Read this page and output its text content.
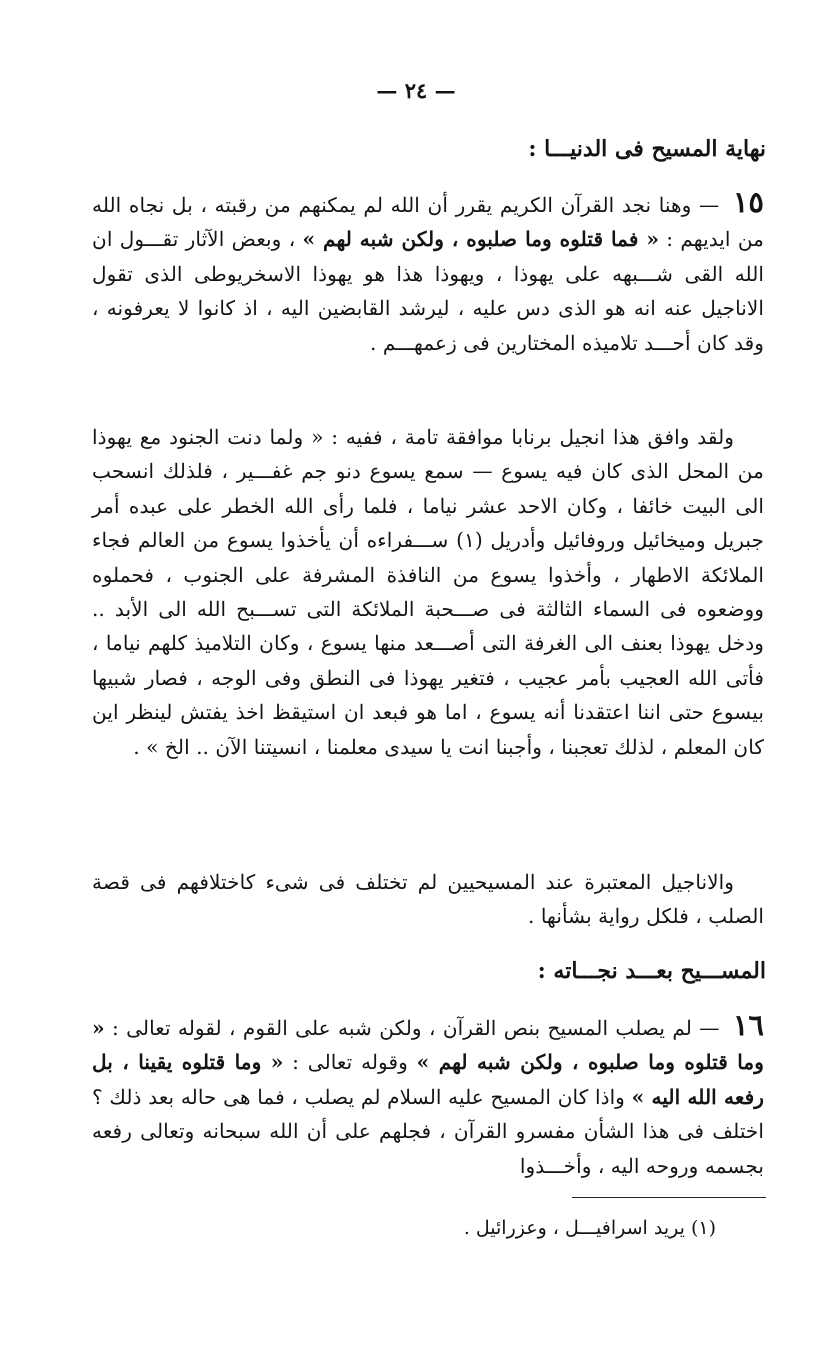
— ٢٤ —
نهاية المسيح فى الدنيـــا :

١٥ — وهنا نجد القرآن الكريم يقرر أن الله لم يمكنهم من رقبته ، بل نجاه الله من ايديهم : « فما قتلوه وما صلبوه ، ولكن شبه لهم » ، وبعض الآثار تقـــول ان الله القى شـــبهه على يهوذا ، ويهوذا هذا هو يهوذا الاسخريوطى الذى تقول الاناجيل عنه انه هو الذى دس عليه ، ليرشد القابضين اليه ، اذ كانوا لا يعرفونه ، وقد كان أحـــد تلاميذه المختارين فى زعمهـــم .

ولقد وافق هذا انجيل برنابا موافقة تامة ، ففيه : « ولما دنت الجنود مع يهوذا من المحل الذى كان فيه يسوع — سمع يسوع دنو جم غفـــير ، فلذلك انسحب الى البيت خائفا ، وكان الاحد عشر نياما ، فلما رأى الله الخطر على عبده أمر جبريل وميخائيل وروفائيل وأدريل (١) ســـفراءه أن يأخذوا يسوع من العالم فجاء الملائكة الاطهار ، وأخذوا يسوع من النافذة المشرفة على الجنوب ، فحملوه ووضعوه فى السماء الثالثة فى صـــحبة الملائكة التى تســـبح الله الى الأبد .. ودخل يهوذا بعنف الى الغرفة التى أصـــعد منها يسوع ، وكان التلاميذ كلهم نياما ، فأتى الله العجيب بأمر عجيب ، فتغير يهوذا فى النطق وفى الوجه ، فصار شبيها بيسوع حتى اننا اعتقدنا أنه يسوع ، اما هو فبعد ان استيقظ اخذ يفتش لينظر اين كان المعلم ، لذلك تعجبنا ، وأجبنا انت يا سيدى معلمنا ، انسيتنا الآن .. الخ » .

والاناجيل المعتبرة عند المسيحيين لم تختلف فى شىء كاختلافهم فى قصة الصلب ، فلكل رواية بشأنها .

١٦ — لم يصلب المسيح بنص القرآن ، ولكن شبه على القوم ، لقوله تعالى : « وما قتلوه وما صلبوه ، ولكن شبه لهم » وقوله تعالى : « وما قتلوه يقينا ، بل رفعه الله اليه » واذا كان المسيح عليه السلام لم يصلب ، فما هى حاله بعد ذلك ؟ اختلف فى هذا الشأن مفسرو القرآن ، فجلهم على أن الله سبحانه وتعالى رفعه بجسمه وروحه اليه ، وأخـــذوا

المســـيح بعـــد نجـــاته :
(١) يريد اسرافيـــل ، وعزرائيل .
